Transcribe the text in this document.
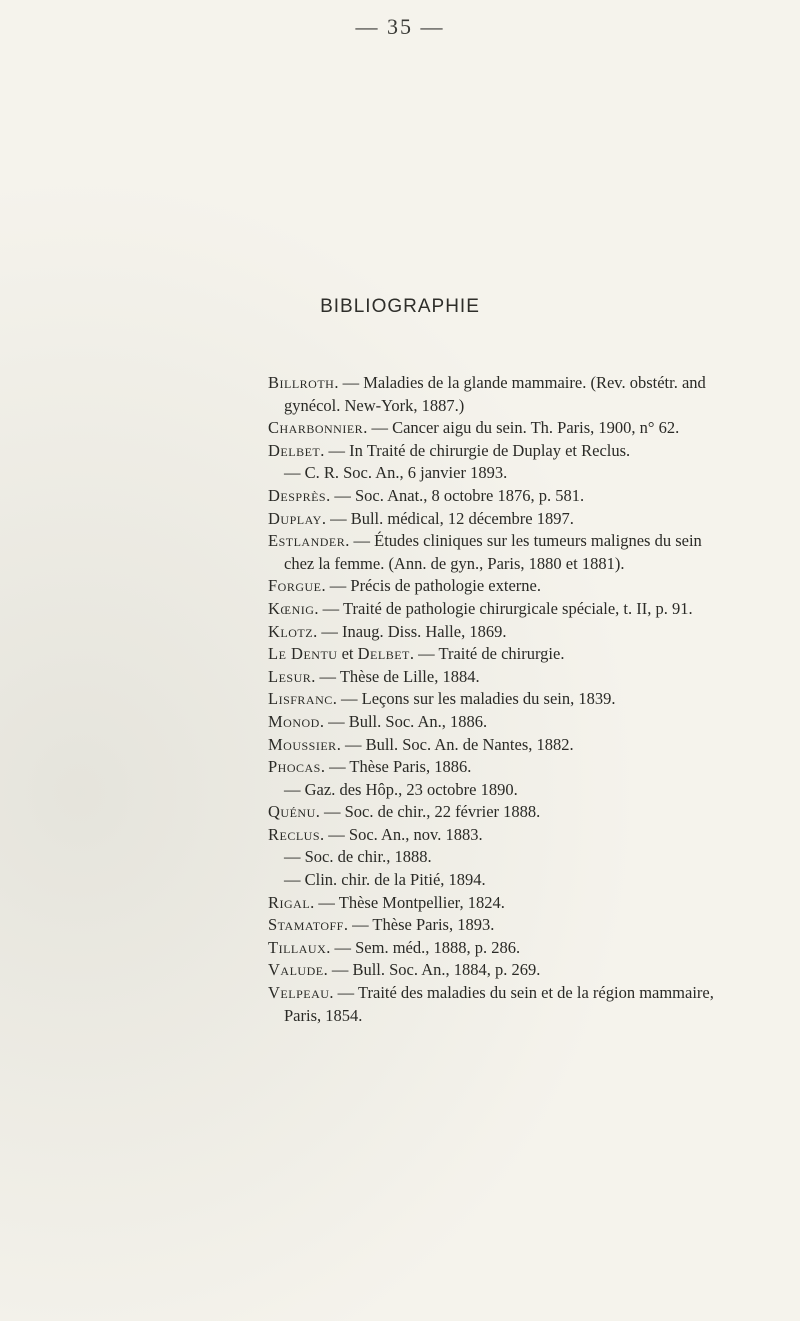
— 35 —
BIBLIOGRAPHIE
Billroth. — Maladies de la glande mammaire. (Rev. obstétr. and
gynécol. New-York, 1887.)
Charbonnier. — Cancer aigu du sein. Th. Paris, 1900, n° 62.
Delbet. — In Traité de chirurgie de Duplay et Reclus.
— C. R. Soc. An., 6 janvier 1893.
Desprès. — Soc. Anat., 8 octobre 1876, p. 581.
Duplay. — Bull. médical, 12 décembre 1897.
Estlander. — Études cliniques sur les tumeurs malignes du sein
chez la femme. (Ann. de gyn., Paris, 1880 et 1881).
Forgue. — Précis de pathologie externe.
Kœnig. — Traité de pathologie chirurgicale spéciale, t. II, p. 91.
Klotz. — Inaug. Diss. Halle, 1869.
Le Dentu et Delbet. — Traité de chirurgie.
Lesur. — Thèse de Lille, 1884.
Lisfranc. — Leçons sur les maladies du sein, 1839.
Monod. — Bull. Soc. An., 1886.
Moussier. — Bull. Soc. An. de Nantes, 1882.
Phocas. — Thèse Paris, 1886.
— Gaz. des Hôp., 23 octobre 1890.
Quénu. — Soc. de chir., 22 février 1888.
Reclus. — Soc. An., nov. 1883.
— Soc. de chir., 1888.
— Clin. chir. de la Pitié, 1894.
Rigal. — Thèse Montpellier, 1824.
Stamatoff. — Thèse Paris, 1893.
Tillaux. — Sem. méd., 1888, p. 286.
Valude. — Bull. Soc. An., 1884, p. 269.
Velpeau. — Traité des maladies du sein et de la région mammaire,
Paris, 1854.
